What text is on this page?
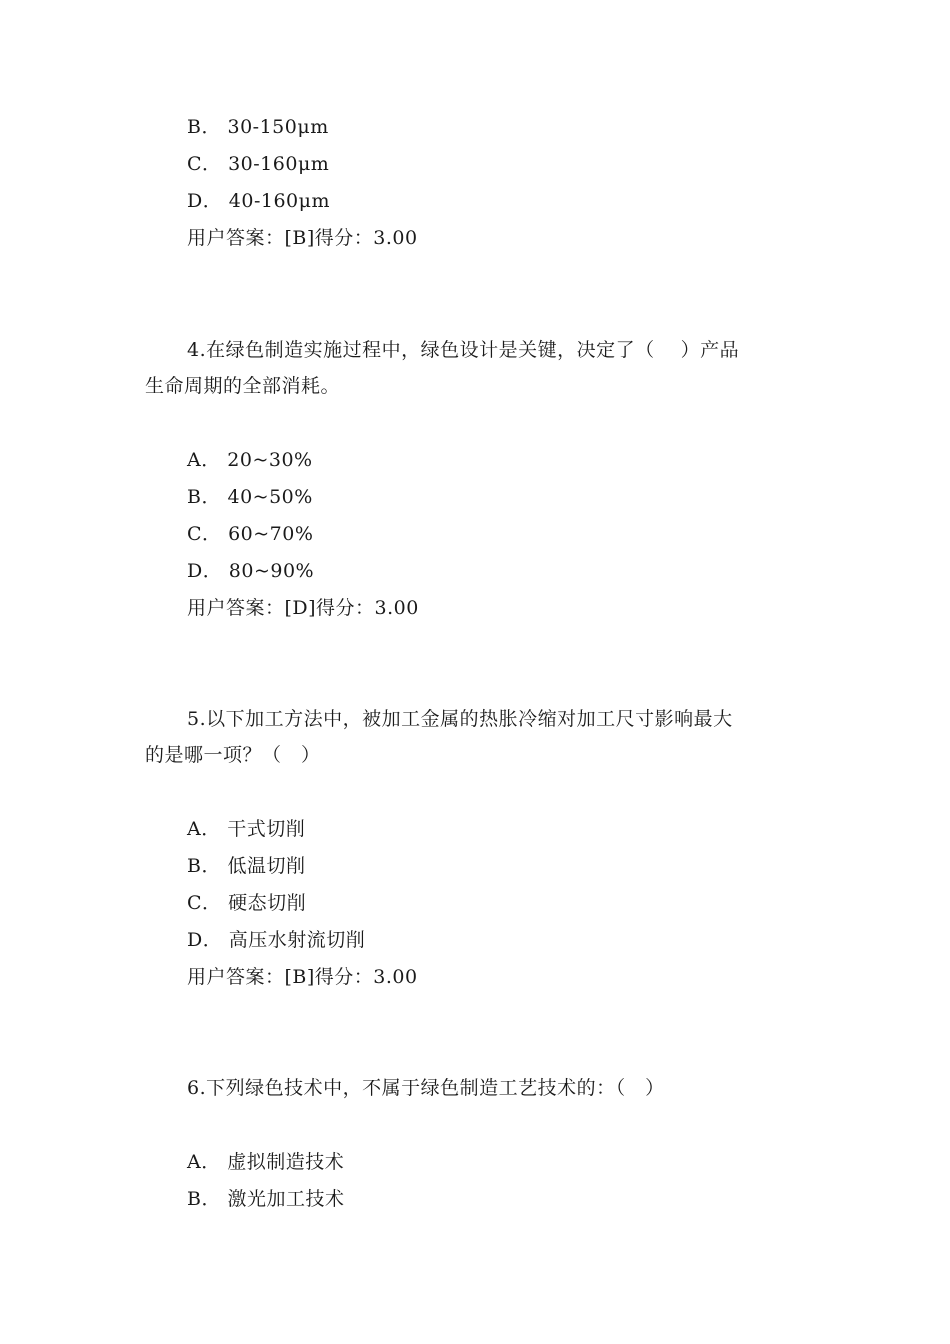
B． 30-150μm
C． 30-160μm
D． 40-160μm
用户答案：[B]得分：3.00
4.在绿色制造实施过程中，绿色设计是关键，决定了（　 ）产品
生命周期的全部消耗。
A． 20~30%
B． 40~50%
C． 60~70%
D． 80~90%
用户答案：[D]得分：3.00
5.以下加工方法中，被加工金属的热胀冷缩对加工尺寸影响最大
的是哪一项？（　）
A． 干式切削
B． 低温切削
C． 硬态切削
D． 高压水射流切削
用户答案：[B]得分：3.00
6.下列绿色技术中，不属于绿色制造工艺技术的：（　）
A． 虚拟制造技术
B． 激光加工技术
